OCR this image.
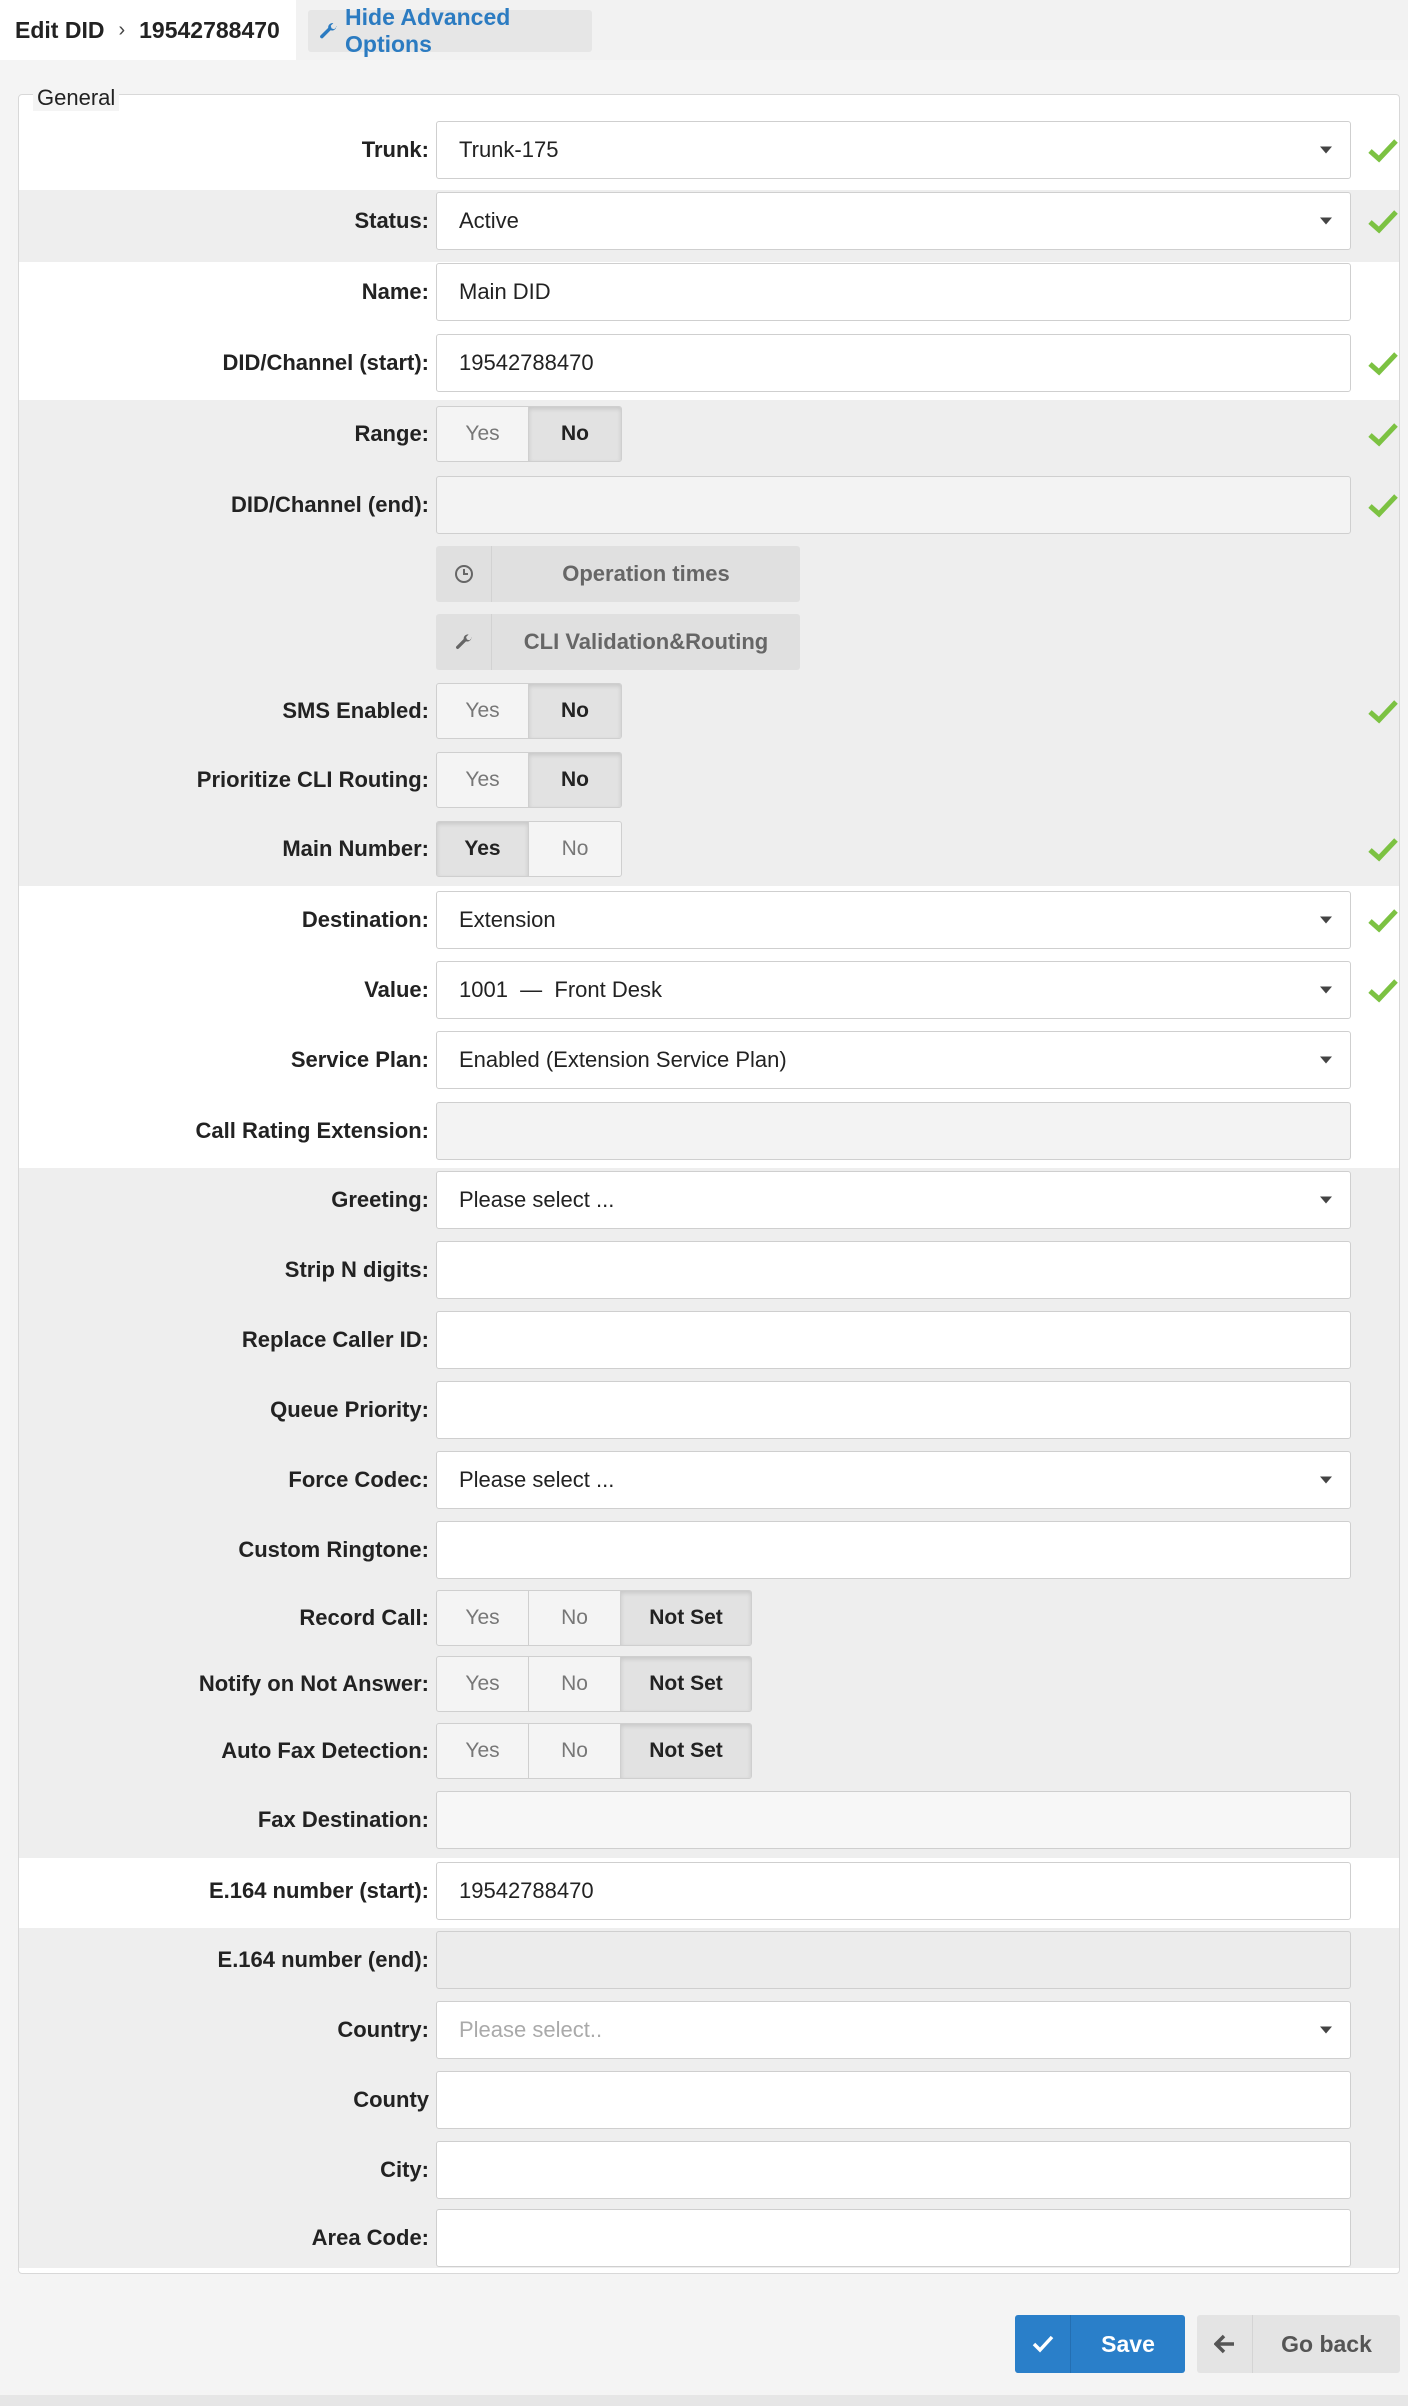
Edit DID › 19542788470	Hide Advanced Options
General
Trunk: Trunk-175
Status: Active
Name: Main DID
DID/Channel (start): 19542788470
Range:	Yes	No
DID/Channel (end):
Operation times
CLI Validation&Routing
SMS Enabled:	Yes	No
Prioritize CLI Routing:	Yes	No
Main Number:	Yes	No
Destination: Extension
Value: 1001  —  Front Desk
Service Plan: Enabled (Extension Service Plan)
Call Rating Extension:
Greeting: Please select ...
Strip N digits:
Replace Caller ID:
Queue Priority:
Force Codec: Please select ...
Custom Ringtone:
Record Call:	Yes	No	Not Set
Notify on Not Answer:	Yes	No	Not Set
Auto Fax Detection:	Yes	No	Not Set
Fax Destination:
E.164 number (start): 19542788470
E.164 number (end):
Country: Please select..
County
City:
Area Code:
Save	Go back
